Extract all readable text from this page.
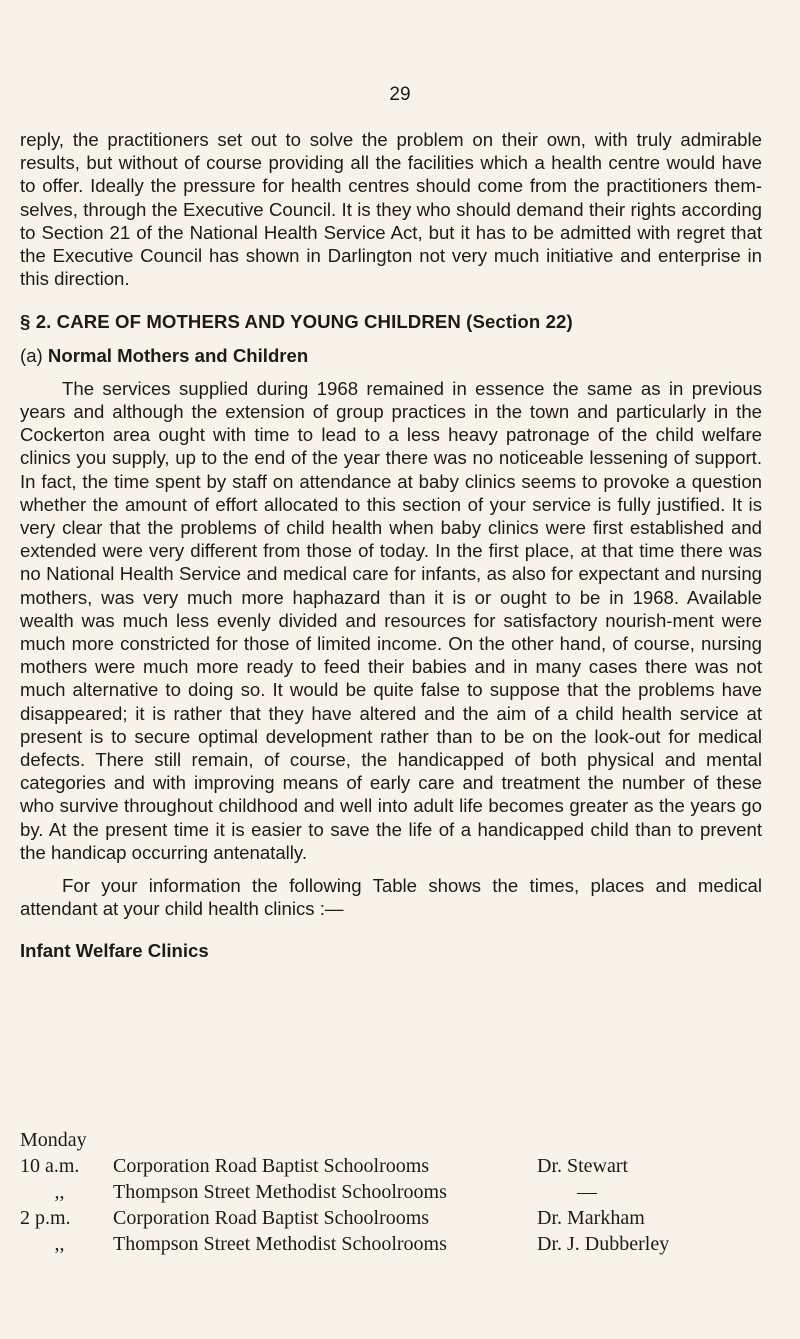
29

reply, the practitioners set out to solve the problem on their own, with truly admirable results, but without of course providing all the facilities which a health centre would have to offer. Ideally the pressure for health centres should come from the practitioners them-selves, through the Executive Council. It is they who should demand their rights according to Section 21 of the National Health Service Act, but it has to be admitted with regret that the Executive Council has shown in Darlington not very much initiative and enterprise in this direction.

§ 2. CARE OF MOTHERS AND YOUNG CHILDREN (Section 22)

(a) Normal Mothers and Children

The services supplied during 1968 remained in essence the same as in previous years and although the extension of group practices in the town and particularly in the Cockerton area ought with time to lead to a less heavy patronage of the child welfare clinics you supply, up to the end of the year there was no noticeable lessening of support. In fact, the time spent by staff on attendance at baby clinics seems to provoke a question whether the amount of effort allocated to this section of your service is fully justified. It is very clear that the problems of child health when baby clinics were first established and extended were very different from those of today. In the first place, at that time there was no National Health Service and medical care for infants, as also for expectant and nursing mothers, was very much more haphazard than it is or ought to be in 1968. Available wealth was much less evenly divided and resources for satisfactory nourish-ment were much more constricted for those of limited income. On the other hand, of course, nursing mothers were much more ready to feed their babies and in many cases there was not much alternative to doing so. It would be quite false to suppose that the problems have disappeared; it is rather that they have altered and the aim of a child health service at present is to secure optimal development rather than to be on the look-out for medical defects. There still remain, of course, the handicapped of both physical and mental categories and with improving means of early care and treatment the number of these who survive throughout childhood and well into adult life becomes greater as the years go by. At the present time it is easier to save the life of a handicapped child than to prevent the handicap occurring antenatally.

For your information the following Table shows the times, places and medical attendant at your child health clinics :—

Infant Welfare Clinics

Monday
10 a.m.	Corporation Road Baptist Schoolrooms	Dr. Stewart
,,	Thompson Street Methodist Schoolrooms	—
2 p.m.	Corporation Road Baptist Schoolrooms	Dr. Markham
,,	Thompson Street Methodist Schoolrooms	Dr. J. Dubberley
